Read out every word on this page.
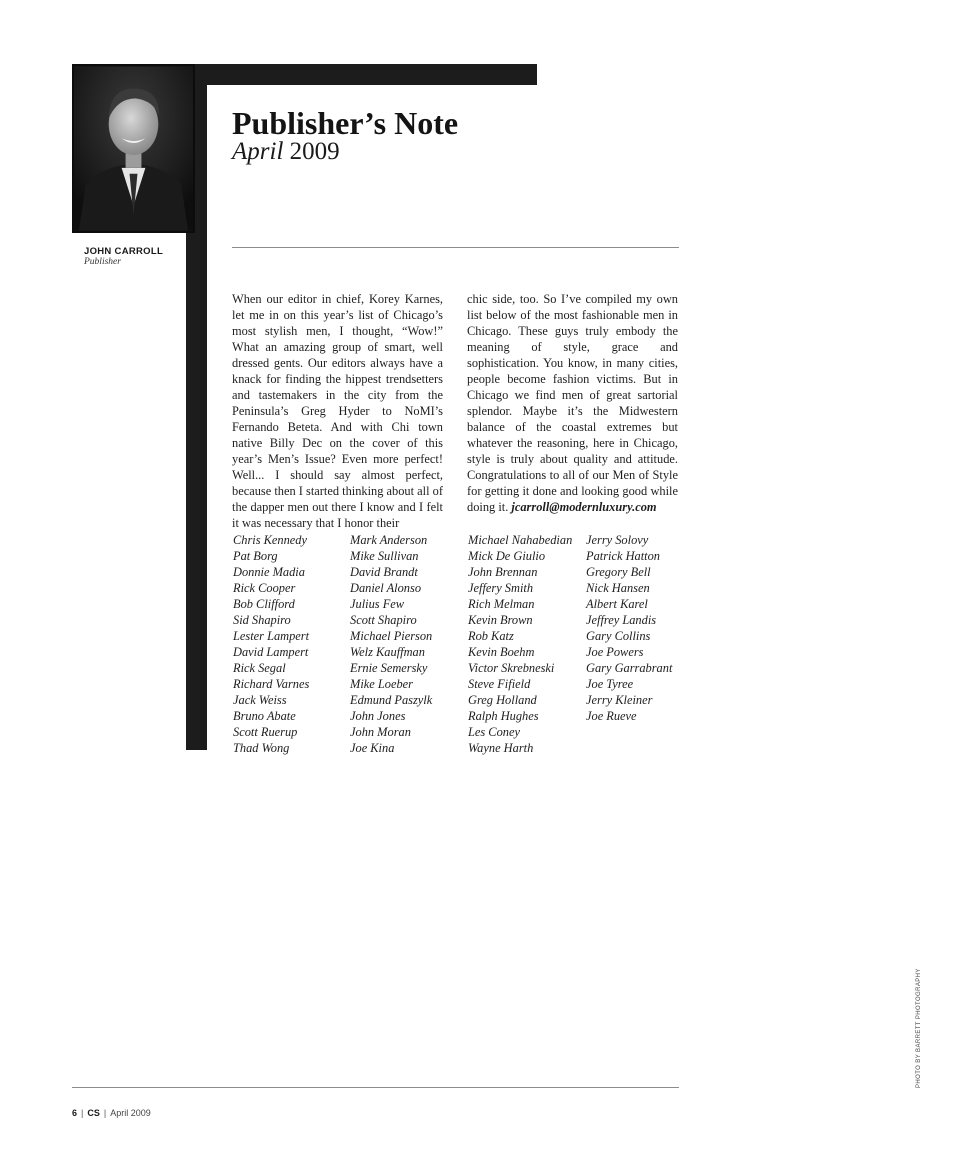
JOHN CARROLL
Publisher
Publisher’s Note
April 2009

When our editor in chief, Korey Karnes, let me in on this year’s list of Chicago’s most stylish men, I thought, “Wow!” What an amazing group of smart, well dressed gents. Our editors always have a knack for finding the hippest trendsetters and tastemakers in the city from the Peninsula’s Greg Hyder to NoMI’s Fernando Beteta. And with Chi town native Billy Dec on the cover of this year’s Men’s Issue? Even more perfect! Well... I should say almost perfect, because then I started thinking about all of the dapper men out there I know and I felt it was necessary that I honor their

chic side, too. So I’ve compiled my own list below of the most fashionable men in Chicago. These guys truly embody the meaning of style, grace and sophistication. You know, in many cities, people become fashion victims. But in Chicago we find men of great sartorial splendor. Maybe it’s the Midwestern balance of the coastal extremes but whatever the reasoning, here in Chicago, style is truly about quality and attitude. Congratulations to all of our Men of Style for getting it done and looking good while doing it. jcarroll@modernluxury.com

Chris Kennedy
Pat Borg
Donnie Madia
Rick Cooper
Bob Clifford
Sid Shapiro
Lester Lampert
David Lampert
Rick Segal
Richard Varnes
Jack Weiss
Bruno Abate
Scott Ruerup
Thad Wong
Mark Anderson
Mike Sullivan
David Brandt
Daniel Alonso
Julius Few
Scott Shapiro
Michael Pierson
Welz Kauffman
Ernie Semersky
Mike Loeber
Edmund Paszylk
John Jones
John Moran
Joe Kina
Michael Nahabedian
Mick De Giulio
John Brennan
Jeffery Smith
Rich Melman
Kevin Brown
Rob Katz
Kevin Boehm
Victor Skrebneski
Steve Fifield
Greg Holland
Ralph Hughes
Les Coney
Wayne Harth
Jerry Solovy
Patrick Hatton
Gregory Bell
Nick Hansen
Albert Karel
Jeffrey Landis
Gary Collins
Joe Powers
Gary Garrabrant
Joe Tyree
Jerry Kleiner
Joe Rueve
6 | CS | April 2009
PHOTO BY BARRETT PHOTOGRAPHY
